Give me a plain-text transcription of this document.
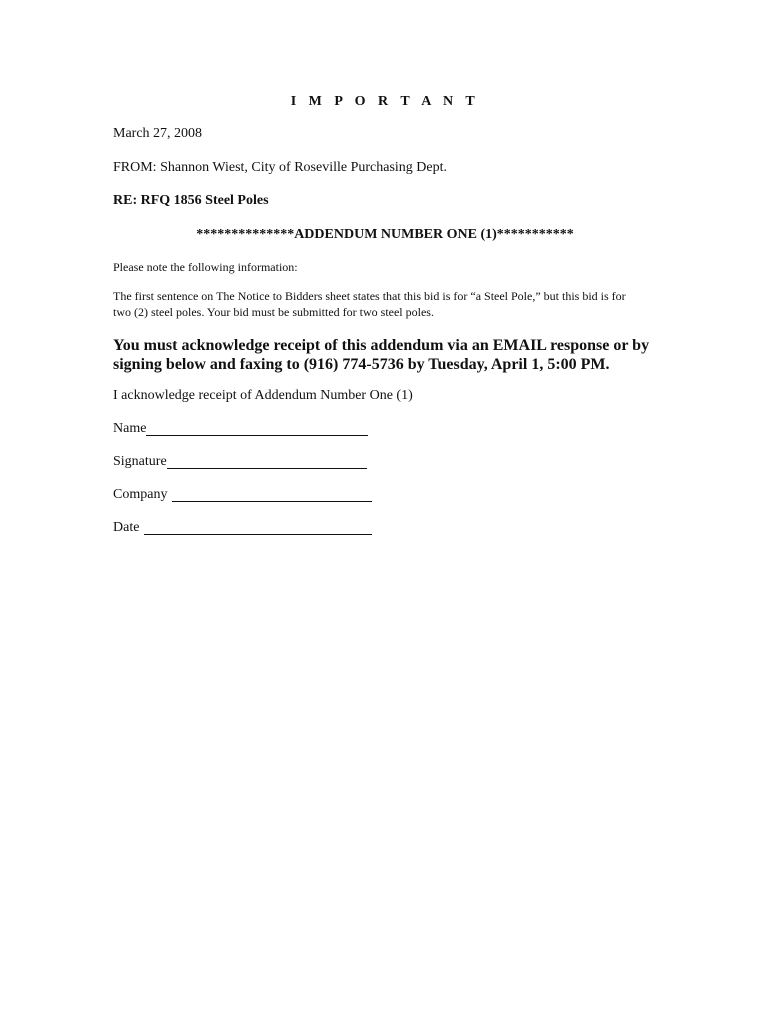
I M P O R T A N T
March 27, 2008
FROM: Shannon Wiest, City of Roseville Purchasing Dept.
RE: RFQ 1856 Steel Poles
**************ADDENDUM NUMBER ONE (1)***********
Please note the following information:
The first sentence on The Notice to Bidders sheet states that this bid is for “a Steel Pole,” but this bid is for
two (2) steel poles. Your bid must be submitted for two steel poles.
You must acknowledge receipt of this addendum via an EMAIL response or by
signing below and faxing to (916) 774-5736 by Tuesday, April 1, 5:00 PM.
I acknowledge receipt of Addendum Number One (1)
Name
Signature
Company
Date
